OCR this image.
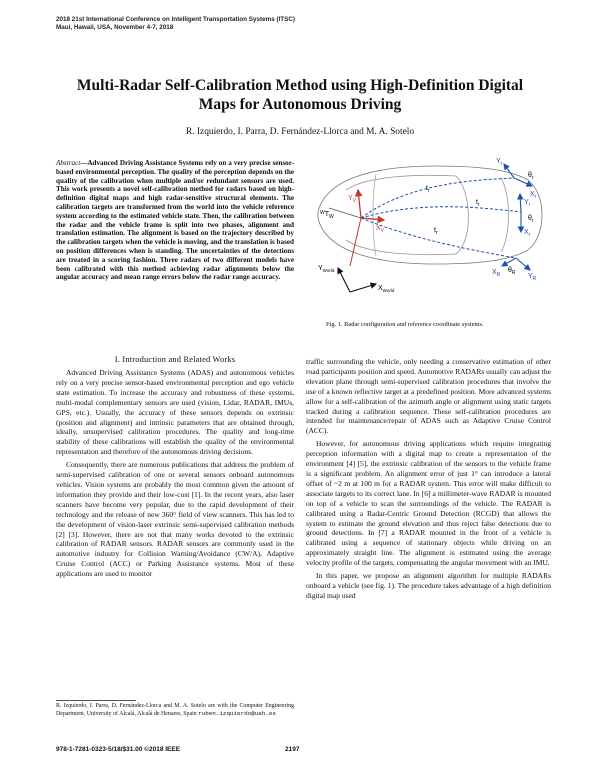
2018 21st International Conference on Intelligent Transportation Systems (ITSC)
Maui, Hawaii, USA, November 4-7, 2018
Multi-Radar Self-Calibration Method using High-Definition Digital
Maps for Autonomous Driving
R. Izquierdo, I. Parra, D. Fernández-Llorca and M. A. Sotelo
Abstract—Advanced Driving Assistance Systems rely on a very precise sensor-based environmental perception. The quality of the perception depends on the quality of the calibration when multiple and/or redundant sensors are used. This work presents a novel self-calibration method for radars based on high-definition digital maps and high radar-sensitive structural elements. The calibration targets are transformed from the world into the vehicle reference system according to the estimated vehicle state. Then, the calibration between the radar and the vehicle frame is split into two phases, alignment and translation estimation. The alignment is based on the trajectory described by the calibration targets when the vehicle is moving, and the translation is based on position differences when is standing. The uncertainties of the detections are treated in a scoring fashion. Three radars of two different models have been calibrated with this method achieving radar alignments below the angular accuracy and mean range errors below the radar range accuracy.
$Y_r$
$\theta_r$
$X_r$
$t_r$
$t_r$
$t_r$
$^WT_W$
$Y_V$
$X_V$
$Y_r$
$\theta_r$
$X_r$
$X_R$
$\theta_R$ $Y_R$
$Y_{World}$
$X_{World}$
Fig. 1. Radar configuration and reference coordinate systems.
I. Introduction and Related Works

Advanced Driving Assistance Systems (ADAS) and autonomous vehicles rely on a very precise sensor-based environmental perception and ego vehicle state estimation. To increase the accuracy and robustness of these systems, multi-modal complementary sensors are used (vision, Lidar, RADAR, IMUs, GPS, etc.). Usually, the accuracy of these sensors depends on extrinsic (position and alignment) and intrinsic parameters that are obtained through, ideally, unsupervised calibration procedures. The quality and long-time stability of these calibrations will establish the quality of the environmental representation and therefore of the autonomous driving decisions.

Consequently, there are numerous publications that address the problem of semi-supervised calibration of one or several sensors onboard autonomous vehicles. Vision systems are probably the most common given the amount of information they provide and their low-cost [1]. In the recent years, also laser scanners have become very popular, due to the rapid development of their technology and the release of new 360° field of view scanners. This has led to the development of vision-laser extrinsic semi-supervised calibration methods [2] [3]. However, there are not that many works devoted to the extrinsic calibration of RADAR sensors. RADAR sensors are commonly used in the automotive industry for Collision Warning/Avoidance (CW/A), Adaptive Cruise Control (ACC) or Parking Assistance systems. Most of these applications are used to monitor

traffic surrounding the vehicle, only needing a conservative estimation of other road participants position and speed. Automotive RADARs usually can adjust the elevation plane through semi-supervised calibration procedures that involve the use of a known reflective target at a predefined position. More advanced systems allow for a self-calibration of the azimuth angle or alignment using static targets tracked during a calibration sequence. These self-calibration procedures are intended for maintenance/repair of ADAS such as Adaptive Cruise Control (ACC).

However, for autonomous driving applications which require integrating perception information with a digital map to create a representation of the environment [4] [5], the extrinsic calibration of the sensors to the vehicle frame is a significant problem. An alignment error of just 1° can introduce a lateral offset of ~2 m at 100 m for a RADAR system. This error will make difficult to associate targets to its correct lane. In [6] a millimeter-wave RADAR is mounted on top of a vehicle to scan the surroundings of the vehicle. The RADAR is calibrated using a Radar-Centric Ground Detection (RCGD) that allows the system to estimate the ground elevation and thus reject false detections due to ground detections. In [7] a RADAR mounted in the front of a vehicle is calibrated using a sequence of stationary objects while driving on an approximately straight line. The alignment is estimated using the average velocity profile of the targets, compensating the angular movement with an IMU.

In this paper, we propose an alignment algorithm for multiple RADARs onboard a vehicle (see fig. 1). The procedure takes advantage of a high definition digital map used

R. Izquierdo, I. Parra, D. Fernández-Llorca and M. A. Sotelo are with the Computer Engineering Department, University of Alcalá, Alcalá de Henares, Spain ruben.izquierdo@uah.es
978-1-7281-0323-5/18/$31.00 ©2018 IEEE	2197
